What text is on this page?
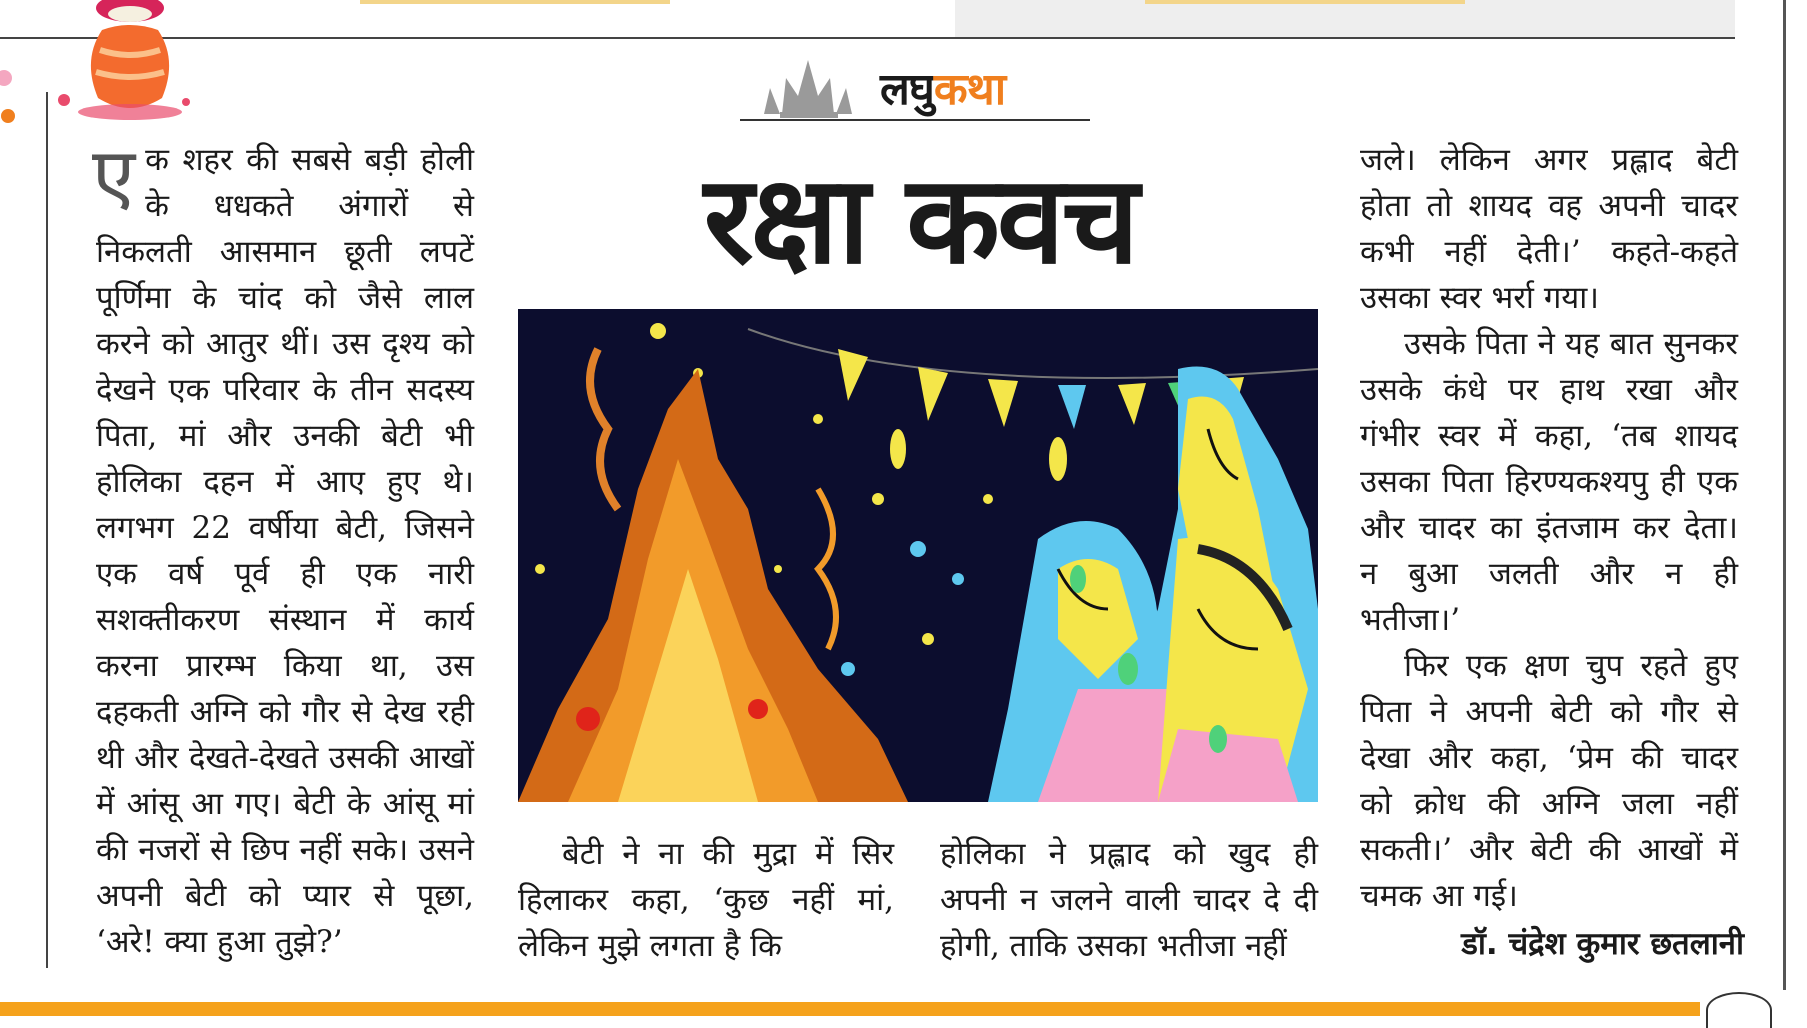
लघुकथा
रक्षा कवच
ए क शहर की सबसे बड़ी होली के धधकते अंगारों से निकलती आसमान छूती लपटें पूर्णिमा के चांद को जैसे लाल करने को आतुर थीं। उस दृश्य को देखने एक परिवार के तीन सदस्य पिता, मां और उनकी बेटी भी होलिका दहन में आए हुए थे। लगभग 22 वर्षीया बेटी, जिसने एक वर्ष पूर्व ही एक नारी सशक्तीकरण संस्थान में कार्य करना प्रारम्भ किया था, उस दहकती अग्नि को गौर से देख रही थी और देखते-देखते उसकी आखों में आंसू आ गए। बेटी के आंसू मां की नजरों से छिप नहीं सके। उसने अपनी बेटी को प्यार से पूछा, ‘अरे! क्या हुआ तुझे?’

बेटी ने ना की मुद्रा में सिर हिलाकर कहा, ‘कुछ नहीं मां, लेकिन मुझे लगता है कि

होलिका ने प्रह्लाद को खुद ही अपनी न जलने वाली चादर दे दी होगी, ताकि उसका भतीजा नहीं

जले। लेकिन अगर प्रह्लाद बेटी होता तो शायद वह अपनी चादर कभी नहीं देती।’ कहते-कहते उसका स्वर भर्रा गया।

उसके पिता ने यह बात सुनकर उसके कंधे पर हाथ रखा और गंभीर स्वर में कहा, ‘तब शायद उसका पिता हिरण्यकश्यपु ही एक और चादर का इंतजाम कर देता। न बुआ जलती और न ही भतीजा।’

फिर एक क्षण चुप रहते हुए पिता ने अपनी बेटी को गौर से देखा और कहा, ‘प्रेम की चादर को क्रोध की अग्नि जला नहीं सकती।’ और बेटी की आखों में चमक आ गई।

डॉ. चंद्रेश कुमार छतलानी
